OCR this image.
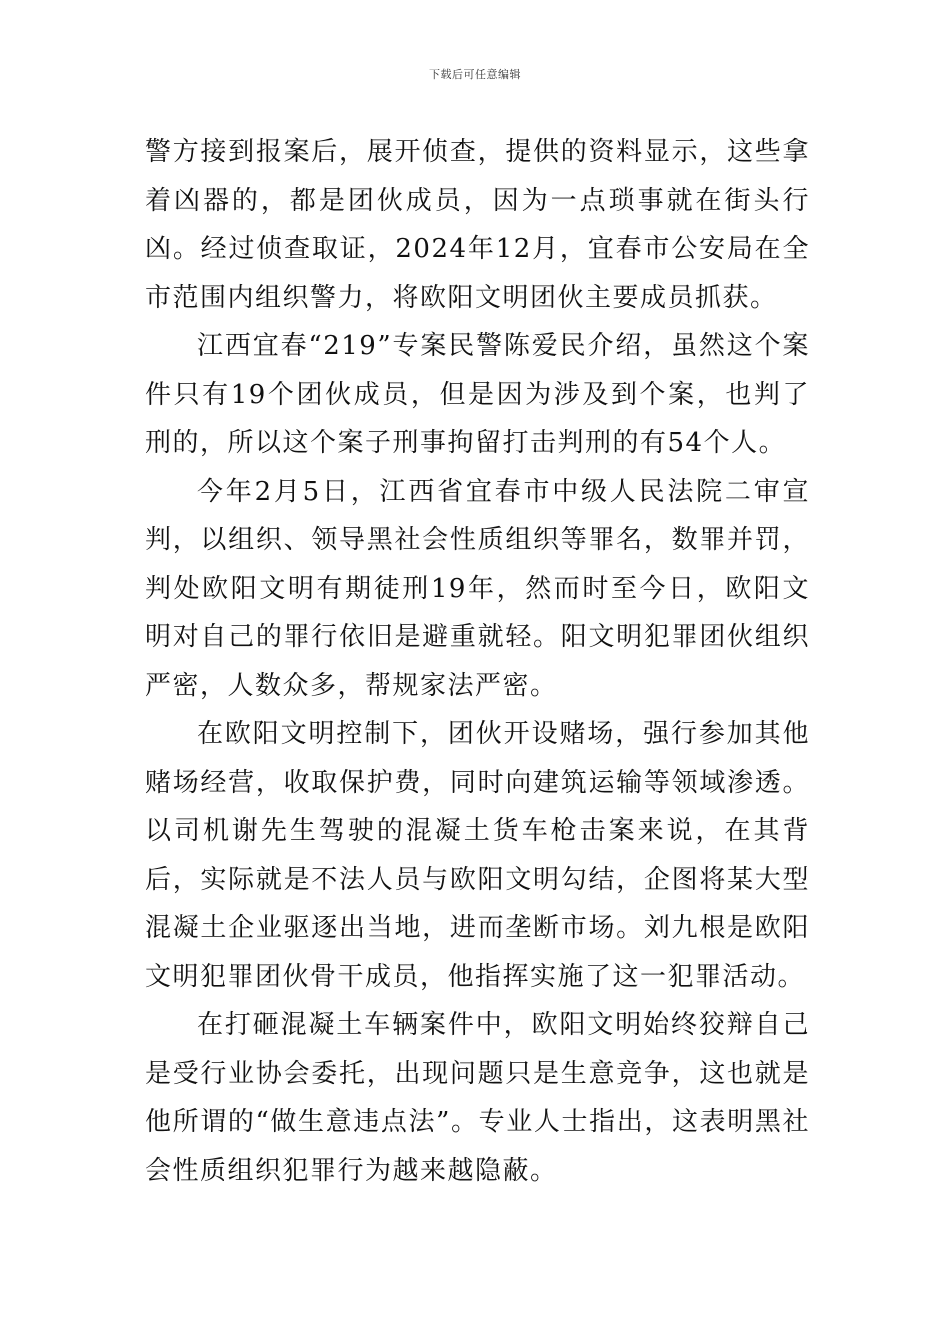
下载后可任意编辑

警方接到报案后，展开侦查，提供的资料显示，这些拿着凶器的，都是团伙成员，因为一点琐事就在街头行凶。经过侦查取证，2024年12月，宜春市公安局在全市范围内组织警力，将欧阳文明团伙主要成员抓获。

江西宜春“219”专案民警陈爱民介绍，虽然这个案件只有19个团伙成员，但是因为涉及到个案，也判了刑的，所以这个案子刑事拘留打击判刑的有54个人。

今年2月5日，江西省宜春市中级人民法院二审宣判，以组织、领导黑社会性质组织等罪名，数罪并罚，判处欧阳文明有期徒刑19年，然而时至今日，欧阳文明对自己的罪行依旧是避重就轻。阳文明犯罪团伙组织严密，人数众多，帮规家法严密。

在欧阳文明控制下，团伙开设赌场，强行参加其他赌场经营，收取保护费，同时向建筑运输等领域渗透。以司机谢先生驾驶的混凝土货车枪击案来说，在其背后，实际就是不法人员与欧阳文明勾结，企图将某大型混凝土企业驱逐出当地，进而垄断市场。刘九根是欧阳文明犯罪团伙骨干成员，他指挥实施了这一犯罪活动。

在打砸混凝土车辆案件中，欧阳文明始终狡辩自己是受行业协会委托，出现问题只是生意竞争，这也就是他所谓的“做生意违点法”。专业人士指出，这表明黑社会性质组织犯罪行为越来越隐蔽。
